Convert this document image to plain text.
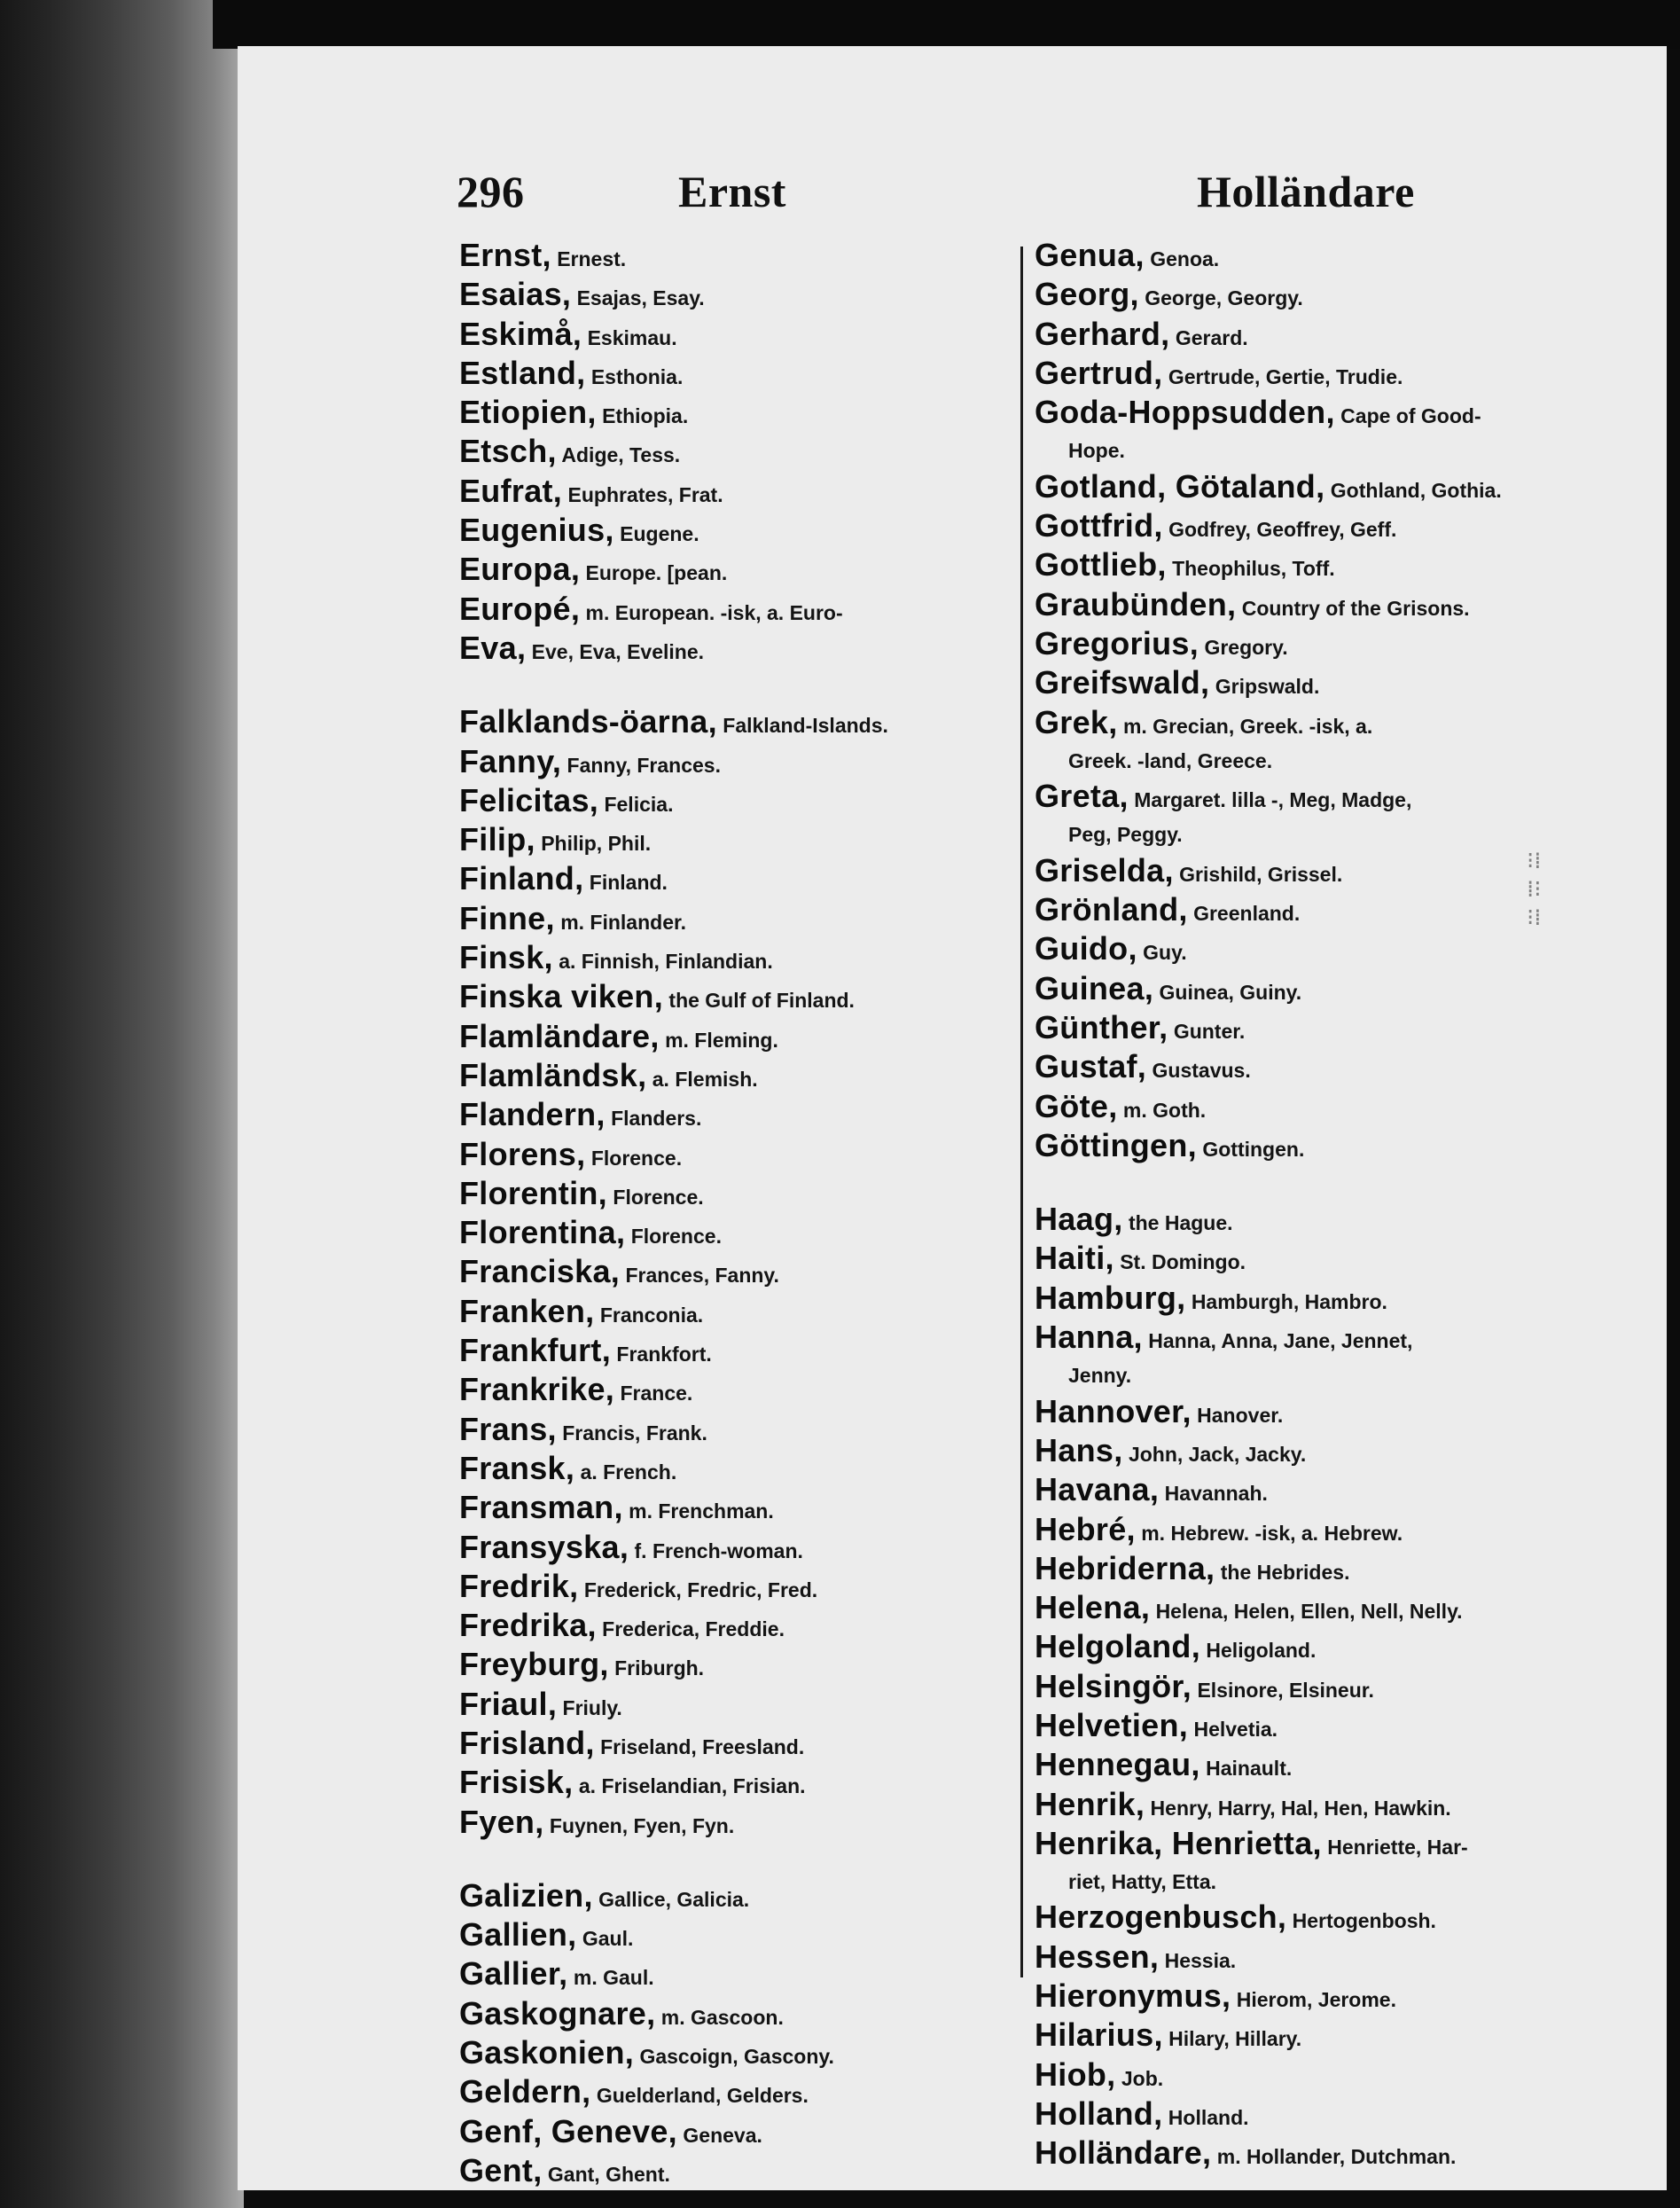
296	Ernst	Holländare
Ernst, Ernest.
Esaias, Esajas, Esay.
Eskimå, Eskimau.
Estland, Esthonia.
Etiopien, Ethiopia.
Etsch, Adige, Tess.
Eufrat, Euphrates, Frat.
Eugenius, Eugene.
Europa, Europe. [pean.
Europé, m. European. -isk, a. Euro-
Eva, Eve, Eva, Eveline.
Falklands-öarna, Falkland-Islands.
Fanny, Fanny, Frances.
Felicitas, Felicia.
Filip, Philip, Phil.
Finland, Finland.
Finne, m. Finlander.
Finsk, a. Finnish, Finlandian.
Finska viken, the Gulf of Finland.
Flamländare, m. Fleming.
Flamländsk, a. Flemish.
Flandern, Flanders.
Florens, Florence.
Florentin, Florence.
Florentina, Florence.
Franciska, Frances, Fanny.
Franken, Franconia.
Frankfurt, Frankfort.
Frankrike, France.
Frans, Francis, Frank.
Fransk, a. French.
Fransman, m. Frenchman.
Fransyska, f. French-woman.
Fredrik, Frederick, Fredric, Fred.
Fredrika, Frederica, Freddie.
Freyburg, Friburgh.
Friaul, Friuly.
Frisland, Friseland, Freesland.
Frisisk, a. Friselandian, Frisian.
Fyen, Fuynen, Fyen, Fyn.
Galizien, Gallice, Galicia.
Gallien, Gaul.
Gallier, m. Gaul.
Gaskognare, m. Gascoon.
Gaskonien, Gascoign, Gascony.
Geldern, Guelderland, Gelders.
Genf, Geneve, Geneva.
Gent, Gant, Ghent.
Genua, Genoa.
Georg, George, Georgy.
Gerhard, Gerard.
Gertrud, Gertrude, Gertie, Trudie.
Goda-Hoppsudden, Cape of Good-
Hope.
Gotland, Götaland, Gothland, Gothia.
Gottfrid, Godfrey, Geoffrey, Geff.
Gottlieb, Theophilus, Toff.
Graubünden, Country of the Grisons.
Gregorius, Gregory.
Greifswald, Gripswald.
Grek, m. Grecian, Greek. -isk, a.
Greek. -land, Greece.
Greta, Margaret. lilla -, Meg, Madge,
Peg, Peggy.
Griselda, Grishild, Grissel.
Grönland, Greenland.
Guido, Guy.
Guinea, Guinea, Guiny.
Günther, Gunter.
Gustaf, Gustavus.
Göte, m. Goth.
Göttingen, Gottingen.
Haag, the Hague.
Haiti, St. Domingo.
Hamburg, Hamburgh, Hambro.
Hanna, Hanna, Anna, Jane, Jennet,
Jenny.
Hannover, Hanover.
Hans, John, Jack, Jacky.
Havana, Havannah.
Hebré, m. Hebrew. -isk, a. Hebrew.
Hebriderna, the Hebrides.
Helena, Helena, Helen, Ellen, Nell, Nelly.
Helgoland, Heligoland.
Helsingör, Elsinore, Elsineur.
Helvetien, Helvetia.
Hennegau, Hainault.
Henrik, Henry, Harry, Hal, Hen, Hawkin.
Henrika, Henrietta, Henriette, Har-
riet, Hatty, Etta.
Herzogenbusch, Hertogenbosh.
Hessen, Hessia.
Hieronymus, Hierom, Jerome.
Hilarius, Hilary, Hillary.
Hiob, Job.
Holland, Holland.
Holländare, m. Hollander, Dutchman.
⁝⁞
⁞⁝
⁝⁞
